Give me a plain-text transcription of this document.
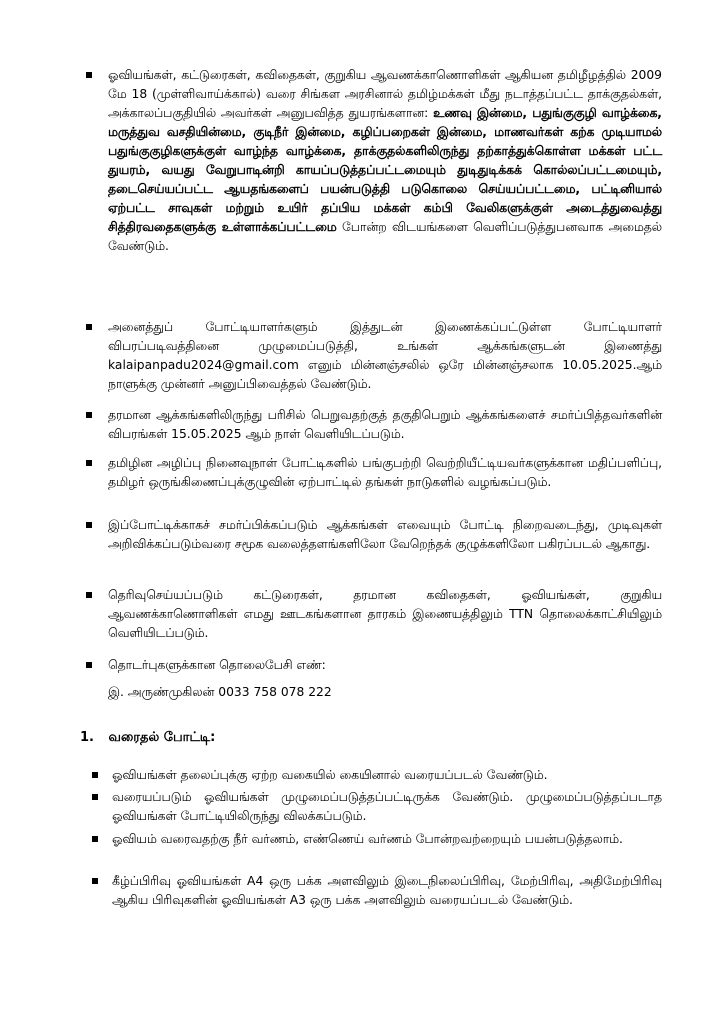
ஓவியங்கள், கட்டுரைகள், கவிதைகள், குறுகிய ஆவணக்காணொளிகள் ஆகியன தமிழீழத்தில் 2009 மே 18 (முள்ளிவாய்க்கால்) வரை சிங்கள அரசினால் தமிழ்மக்கள் மீது நடாத்தப்பட்ட தாக்குதல்கள், அக்காலப்பகுதியில் அவர்கள் அனுபவித்த துயரங்களான: உணவு இன்மை, பதுங்குகுழி வாழ்க்கை, மருத்துவ வசதியின்மை, குடிநீர் இன்மை, கழிப்பறைகள் இன்மை, மாணவர்கள் கற்க முடியாமல் பதுங்குகுழிகளுக்குள் வாழ்ந்த வாழ்க்கை, தாக்குதல்களிலிருந்து தற்காத்துக்கொள்ள மக்கள் பட்ட துயரம், வயது வேறுபாடின்றி காயப்படுத்தப்பட்டமையும் துடிதுடிக்கக் கொல்லப்பட்டமையும், தடைசெய்யப்பட்ட ஆயதங்களைப் பயன்படுத்தி படுகொலை செய்யப்பட்டமை, பட்டினியால் ஏற்பட்ட சாவுகள் மற்றும் உயிர் தப்பிய மக்கள் கம்பி வேலிகளுக்குள் அடைத்துவைத்து சித்திரவதைகளுக்கு உள்ளாக்கப்பட்டமை போன்ற விடயங்களை வெளிப்படுத்துபனவாக அமைதல் வேண்டும்.

அனைத்துப் போட்டியாளர்களும் இத்துடன் இணைக்கப்பட்டுள்ள போட்டியாளர் விபரப்படிவத்தினை முழுமைப்படுத்தி, உங்கள் ஆக்கங்களுடன் இணைத்து kalaipanpadu2024@gmail.com எனும் மின்னஞ்சலில் ஒரே மின்னஞ்சலாக 10.05.2025.ஆம் நாளுக்கு முன்னர் அனுப்பிவைத்தல் வேண்டும்.

தரமான ஆக்கங்களிலிருந்து பரிசில் பெறுவதற்குத் தகுதிபெறும் ஆக்கங்களைச் சமர்ப்பித்தவர்களின் விபரங்கள் 15.05.2025 ஆம் நாள் வெளியிடப்படும்.

தமிழின அழிப்பு நினைவுநாள் போட்டிகளில் பங்குபற்றி வெற்றியீட்டியவர்களுக்கான மதிப்பளிப்பு, தமிழர் ஒருங்கிணைப்புக்குழுவின் ஏற்பாட்டில் தங்கள் நாடுகளில் வழங்கப்படும்.

இப்போட்டிக்காகச் சமர்ப்பிக்கப்படும் ஆக்கங்கள் எவையும் போட்டி நிறைவடைந்து, முடிவுகள் அறிவிக்கப்படும்வரை சமூக வலைத்தளங்களிலோ வேறெந்தக் குழுக்களிலோ பகிரப்படல் ஆகாது.

தெரிவுசெய்யப்படும் கட்டுரைகள், தரமான கவிதைகள், ஓவியங்கள், குறுகிய ஆவணக்காணொளிகள் எமது ஊடகங்களான தாரகம் இணையத்திலும் TTN தொலைக்காட்சியிலும் வெளியிடப்படும்.

தொடர்புகளுக்கான தொலைபேசி எண்:

இ. அருண்முகிலன் 0033 758 078 222

1. வரைதல் போட்டி:

ஓவியங்கள் தலைப்புக்கு ஏற்ற வகையில் கையினால் வரையப்படல் வேண்டும்.

வரையப்படும் ஓவியங்கள் முழுமைப்படுத்தப்பட்டிருக்க வேண்டும். முழுமைப்படுத்தப்படாத ஓவியங்கள் போட்டியிலிருந்து விலக்கப்படும்.

ஓவியம் வரைவதற்கு நீர் வர்ணம், எண்ணெய் வர்ணம் போன்றவற்றையும் பயன்படுத்தலாம்.

கீழ்ப்பிரிவு ஓவியங்கள் A4 ஒரு பக்க அளவிலும் இடைநிலைப்பிரிவு, மேற்பிரிவு, அதிமேற்பிரிவு ஆகிய பிரிவுகளின் ஓவியங்கள் A3 ஒரு பக்க அளவிலும் வரையப்படல் வேண்டும்.
